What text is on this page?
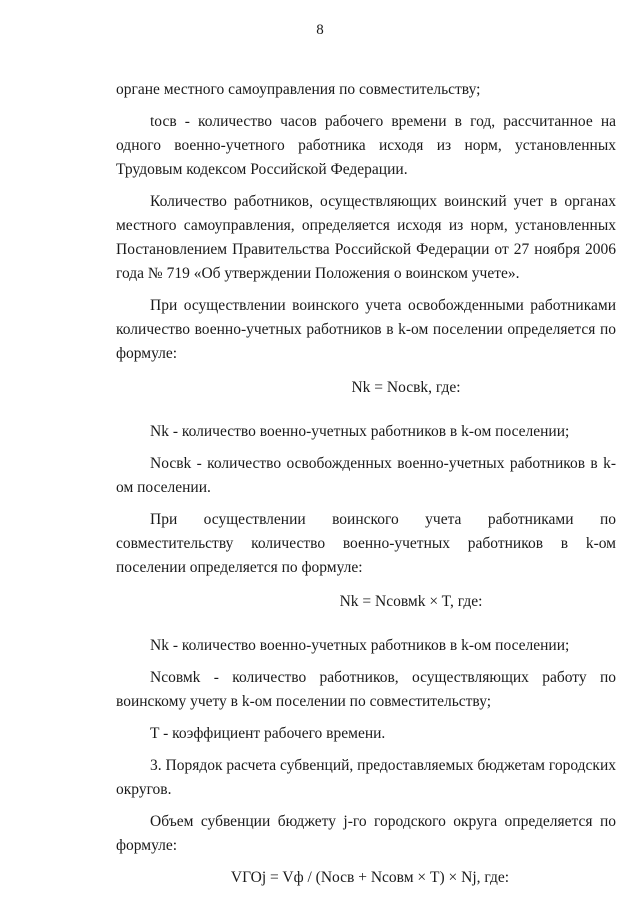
8

органе местного самоуправления по совместительству;

tосв - количество часов рабочего времени в год, рассчитанное на одного военно-учетного работника исходя из норм, установленных Трудовым кодексом Российской Федерации.

Количество работников, осуществляющих воинский учет в органах местного самоуправления, определяется исходя из норм, установленных Постановлением Правительства Российской Федерации от 27 ноября 2006 года № 719 «Об утверждении Положения о воинском учете».

При осуществлении воинского учета освобожденными работниками количество военно-учетных работников в k-ом поселении определяется по формуле:

Nk = Nосвk, где:

Nk - количество военно-учетных работников в k-ом поселении;

Nосвk - количество освобожденных военно-учетных работников в k-ом поселении.

При осуществлении воинского учета работниками по совместительству количество военно-учетных работников в k-ом поселении определяется по формуле:

Nk = Nсовмk × T, где:

Nk - количество военно-учетных работников в k-ом поселении;

Nсовмk - количество работников, осуществляющих работу по воинскому учету в k-ом поселении по совместительству;

T - коэффициент рабочего времени.

3. Порядок расчета субвенций, предоставляемых бюджетам городских округов.

Объем субвенции бюджету j-го городского округа определяется по формуле:

VГОj = Vф / (Nосв + Nсовм × T) × Nj, где:
